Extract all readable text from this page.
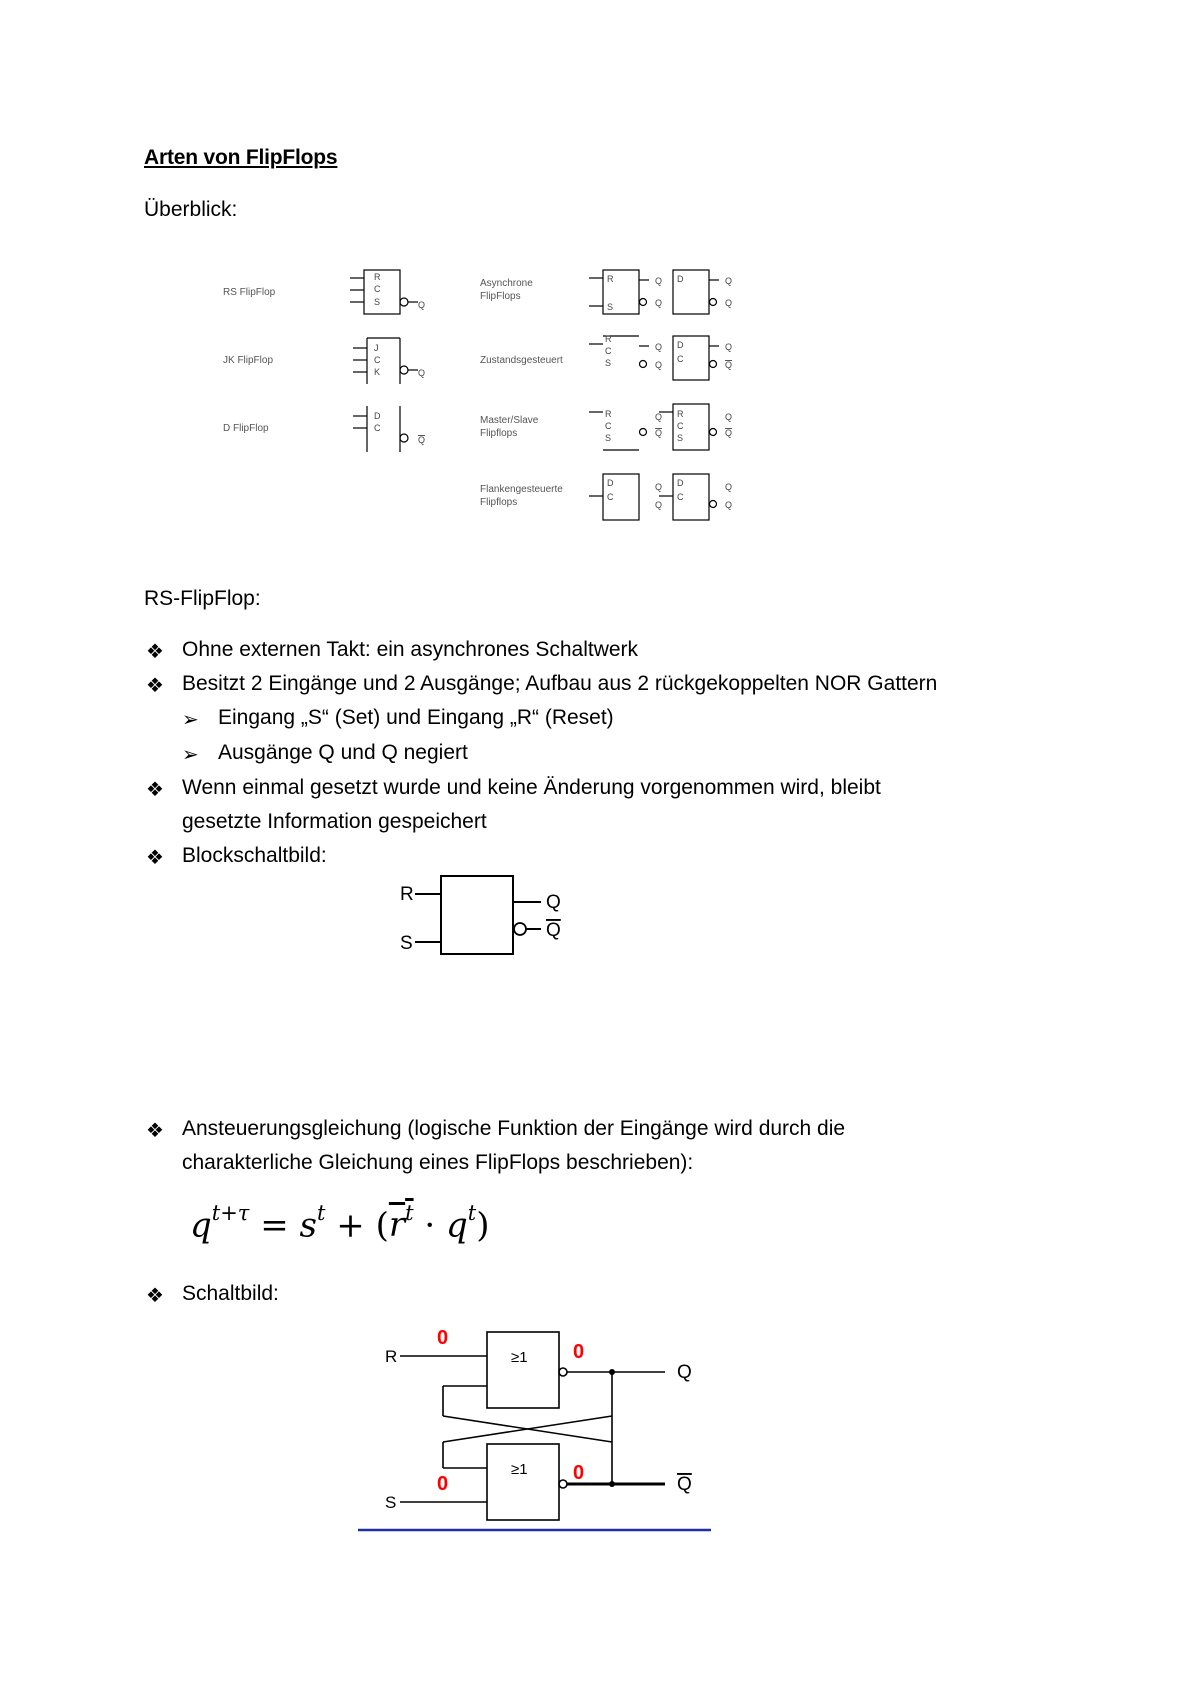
Arten von FlipFlops
Überblick:
RS FlipFlop
JK FlipFlop
D FlipFlop
Asynchrone
FlipFlops
Zustandsgesteuert
Master/Slave
Flipflops
Flankengesteuerte
Flipflops
R
C
S	Q
J
C
K	Q
D
C
Q
R
S
D
R
C
S
D
C
R
C
S
R
C
S
D
C
D
C
Q
Q
Q
Q
Q
Q
Q
Q
Q
Q
Q
Q
Q
Q
Q
Q
RS-FlipFlop:
❖ Ohne externen Takt: ein asynchrones Schaltwerk
❖ Besitzt 2 Eingänge und 2 Ausgänge; Aufbau aus 2 rückgekoppelten NOR Gattern
➢ Eingang „S“ (Set) und Eingang „R“ (Reset)
➢ Ausgänge Q und Q negiert
❖ Wenn einmal gesetzt wurde und keine Änderung vorgenommen wird, bleibt
gesetzte Information gespeichert
❖ Blockschaltbild:
R
S
Q
Q
❖ Ansteuerungsgleichung (logische Funktion der Eingänge wird durch die
charakterliche Gleichung eines FlipFlops beschrieben):
$q^{t+\tau} = s^t + (r^t \cdot q^t)$
❖ Schaltbild:
R
S
≥1
≥1
Q
Q
0
0
0	0
